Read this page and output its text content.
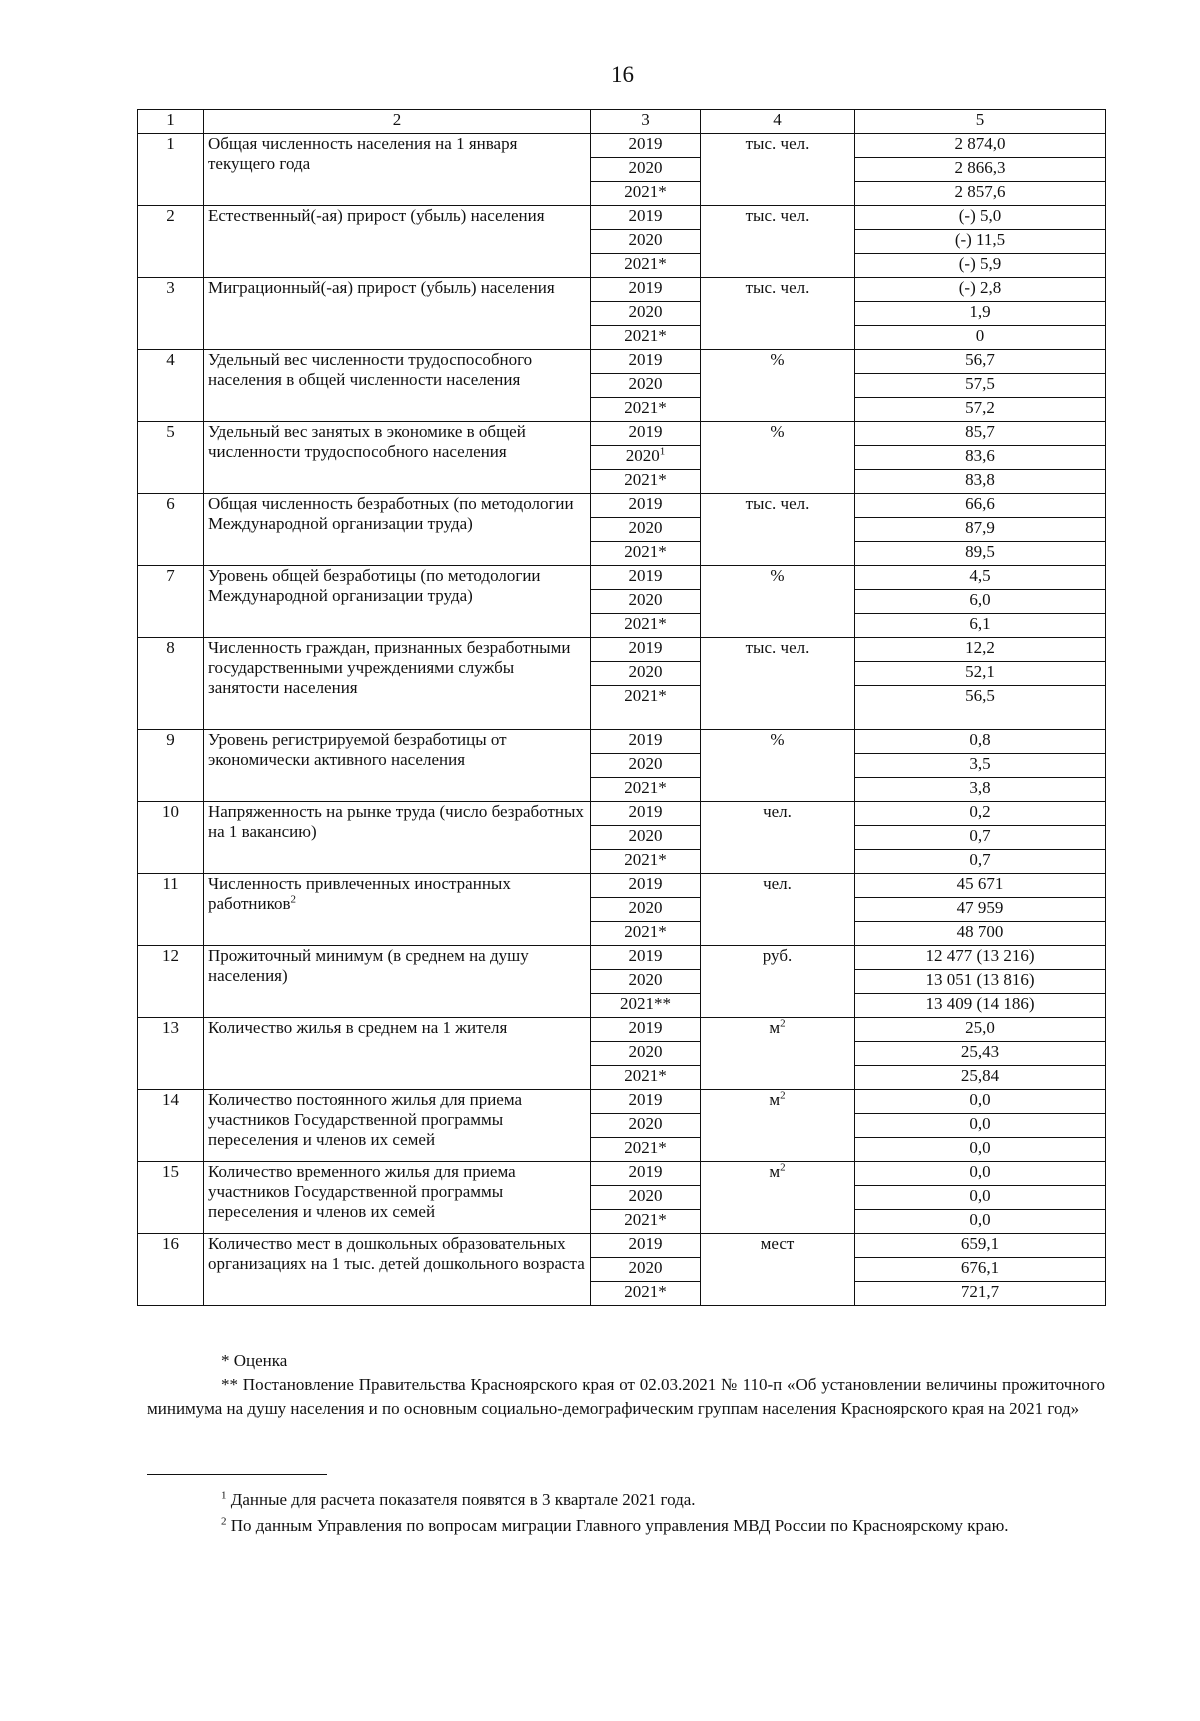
16
1	2	3	4	5
1	Общая численность населения на 1 января текущего года	2019	тыс. чел.	2 874,0
		2020		2 866,3
		2021*		2 857,6
2	Естественный(-ая) прирост (убыль) населения	2019	тыс. чел.	(-) 5,0
		2020		(-) 11,5
		2021*		(-) 5,9
3	Миграционный(-ая) прирост (убыль) населения	2019	тыс. чел.	(-) 2,8
		2020		1,9
		2021*		0
4	Удельный вес численности трудоспособного населения в общей численности населения	2019	%	56,7
		2020		57,5
		2021*		57,2
5	Удельный вес занятых в экономике в общей численности трудоспособного населения	2019	%	85,7
		2020$^1$		83,6
		2021*		83,8
6	Общая численность безработных (по методологии Международной организации труда)	2019	тыс. чел.	66,6
		2020		87,9
		2021*		89,5
7	Уровень общей безработицы (по методологии Международной организации труда)	2019	%	4,5
		2020		6,0
		2021*		6,1
8	Численность граждан, признанных безработными государственными учреждениями службы занятости населения	2019	тыс. чел.	12,2
		2020		52,1
		2021*		56,5
9	Уровень регистрируемой безработицы от экономически активного населения	2019	%	0,8
		2020		3,5
		2021*		3,8
10	Напряженность на рынке труда (число безработных на 1 вакансию)	2019	чел.	0,2
		2020		0,7
		2021*		0,7
11	Численность привлеченных иностранных работников$^2$	2019	чел.	45 671
		2020		47 959
		2021*		48 700
12	Прожиточный минимум (в среднем на душу населения)	2019	руб.	12 477 (13 216)
		2020		13 051 (13 816)
		2021**		13 409 (14 186)
13	Количество жилья в среднем на 1 жителя	2019	$м^2$	25,0
		2020		25,43
		2021*		25,84
14	Количество постоянного жилья для приема участников Государственной программы переселения и членов их семей	2019	$м^2$	0,0
		2020		0,0
		2021*		0,0
15	Количество временного жилья для приема участников Государственной программы переселения и членов их семей	2019	$м^2$	0,0
		2020		0,0
		2021*		0,0
16	Количество мест в дошкольных образовательных организациях на 1 тыс. детей дошкольного возраста	2019	мест	659,1
		2020		676,1
		2021*		721,7
* Оценка
** Постановление Правительства Красноярского края от 02.03.2021 № 110-п «Об установлении величины прожиточного минимума на душу населения и по основным социально-демографическим группам населения Красноярского края на 2021 год»
$^1$ Данные для расчета показателя появятся в 3 квартале 2021 года.
$^2$ По данным Управления по вопросам миграции Главного управления МВД России по Красноярскому краю.
